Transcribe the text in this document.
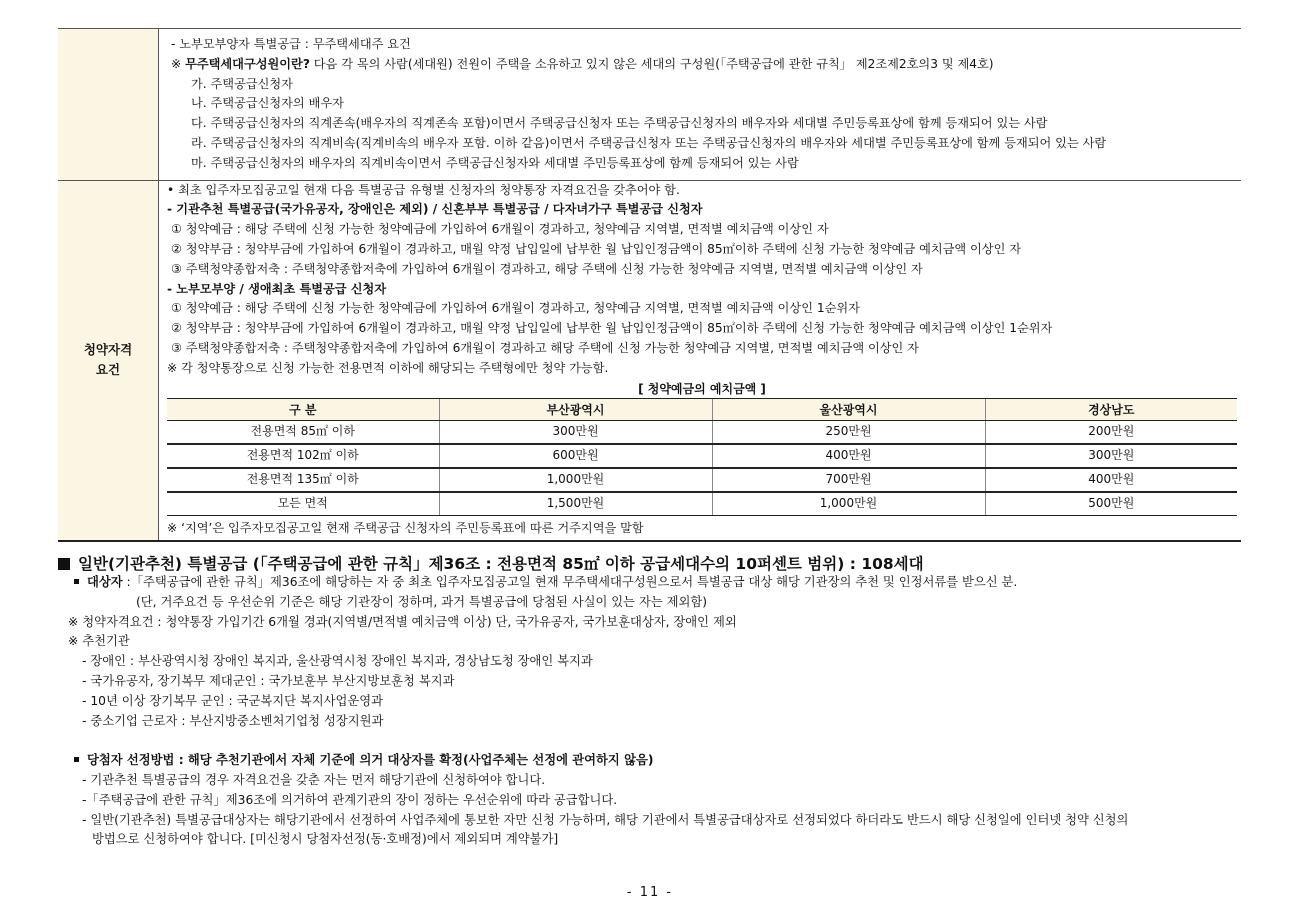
- 노부모부양자 특별공급 : 무주택세대주 요건
※ 무주택세대구성원이란? 다음 각 목의 사람(세대원) 전원이 주택을 소유하고 있지 않은 세대의 구성원(「주택공급에 관한 규칙」 제2조제2호의3 및 제4호)
가. 주택공급신청자
나. 주택공급신청자의 배우자
다. 주택공급신청자의 직계존속(배우자의 직계존속 포함)이면서 주택공급신청자 또는 주택공급신청자의 배우자와 세대별 주민등록표상에 함께 등재되어 있는 사람
라. 주택공급신청자의 직계비속(직계비속의 배우자 포함. 이하 같음)이면서 주택공급신청자 또는 주택공급신청자의 배우자와 세대별 주민등록표상에 함께 등재되어 있는 사람
마. 주택공급신청자의 배우자의 직계비속이면서 주택공급신청자와 세대별 주민등록표상에 함께 등재되어 있는 사람

청약자격
요건

• 최초 입주자모집공고일 현재 다음 특별공급 유형별 신청자의 청약통장 자격요건을 갖추어야 함.
- 기관추천 특별공급(국가유공자, 장애인은 제외) / 신혼부부 특별공급 / 다자녀가구 특별공급 신청자
① 청약예금 : 해당 주택에 신청 가능한 청약예금에 가입하여 6개월이 경과하고, 청약예금 지역별, 면적별 예치금액 이상인 자
② 청약부금 : 청약부금에 가입하여 6개월이 경과하고, 매월 약정 납입일에 납부한 월 납입인정금액이 85㎡이하 주택에 신청 가능한 청약예금 예치금액 이상인 자
③ 주택청약종합저축 : 주택청약종합저축에 가입하여 6개월이 경과하고, 해당 주택에 신청 가능한 청약예금 지역별, 면적별 예치금액 이상인 자
- 노부모부양 / 생애최초 특별공급 신청자
① 청약예금 : 해당 주택에 신청 가능한 청약예금에 가입하여 6개월이 경과하고, 청약예금 지역별, 면적별 예치금액 이상인 1순위자
② 청약부금 : 청약부금에 가입하여 6개월이 경과하고, 매월 약정 납입일에 납부한 월 납입인정금액이 85㎡이하 주택에 신청 가능한 청약예금 예치금액 이상인 1순위자
③ 주택청약종합저축 : 주택청약종합저축에 가입하여 6개월이 경과하고 해당 주택에 신청 가능한 청약예금 지역별, 면적별 예치금액 이상인 자
※ 각 청약통장으로 신청 가능한 전용면적 이하에 해당되는 주택형에만 청약 가능함.
[ 청약예금의 예치금액 ]
구 분	부산광역시	울산광역시	경상남도
전용면적 85㎡ 이하	300만원	250만원	200만원
전용면적 102㎡ 이하	600만원	400만원	300만원
전용면적 135㎡ 이하	1,000만원	700만원	400만원
모든 면적	1,500만원	1,000만원	500만원
※ ‘지역’은 입주자모집공고일 현재 주택공급 신청자의 주민등록표에 따른 거주지역을 말함
일반(기관추천) 특별공급 (「주택공급에 관한 규칙」제36조 : 전용면적 85㎡ 이하 공급세대수의 10퍼센트 범위) : 108세대
대상자 :「주택공급에 관한 규칙」제36조에 해당하는 자 중 최초 입주자모집공고일 현재 무주택세대구성원으로서 특별공급 대상 해당 기관장의 추천 및 인정서류를 받으신 분.
(단, 거주요건 등 우선순위 기준은 해당 기관장이 정하며, 과거 특별공급에 당첨된 사실이 있는 자는 제외함)
※ 청약자격요건 : 청약통장 가입기간 6개월 경과(지역별/면적별 예치금액 이상) 단, 국가유공자, 국가보훈대상자, 장애인 제외
※ 추천기관
- 장애인 : 부산광역시청 장애인 복지과, 울산광역시청 장애인 복지과, 경상남도청 장애인 복지과
- 국가유공자, 장기복무 제대군인 : 국가보훈부 부산지방보훈청 복지과
- 10년 이상 장기복무 군인 : 국군복지단 복지사업운영과
- 중소기업 근로자 : 부산지방중소벤처기업청 성장지원과
당첨자 선정방법 : 해당 추천기관에서 자체 기준에 의거 대상자를 확정(사업주체는 선정에 관여하지 않음)
- 기관추천 특별공급의 경우 자격요건을 갖춘 자는 먼저 해당기관에 신청하여야 합니다.
-「주택공급에 관한 규칙」제36조에 의거하여 관계기관의 장이 정하는 우선순위에 따라 공급합니다.
- 일반(기관추천) 특별공급대상자는 해당기관에서 선정하여 사업주체에 통보한 자만 신청 가능하며, 해당 기관에서 특별공급대상자로 선정되었다 하더라도 반드시 해당 신청일에 인터넷 청약 신청의
방법으로 신청하여야 합니다. [미신청시 당첨자선정(동·호배정)에서 제외되며 계약불가]
- 11 -
